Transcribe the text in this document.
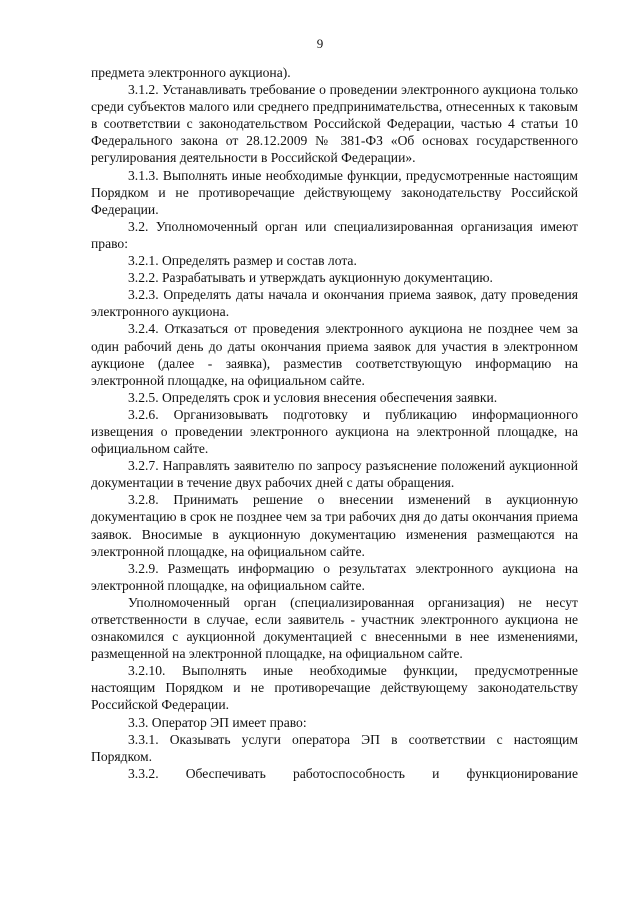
9

предмета электронного аукциона).

3.1.2. Устанавливать требование о проведении электронного аукциона только среди субъектов малого или среднего предпринимательства, отнесенных к таковым в соответствии с законодательством Российской Федерации, частью 4 статьи 10 Федерального закона от 28.12.2009 № 381-ФЗ «Об основах государственного регулирования деятельности в Российской Федерации».

3.1.3. Выполнять иные необходимые функции, предусмотренные настоящим Порядком и не противоречащие действующему законодательству Российской Федерации.

3.2. Уполномоченный орган или специализированная организация имеют право:

3.2.1. Определять размер и состав лота.

3.2.2. Разрабатывать и утверждать аукционную документацию.

3.2.3. Определять даты начала и окончания приема заявок, дату проведения электронного аукциона.

3.2.4. Отказаться от проведения электронного аукциона не позднее чем за один рабочий день до даты окончания приема заявок для участия в электронном аукционе (далее - заявка), разместив соответствующую информацию на электронной площадке, на официальном сайте.

3.2.5. Определять срок и условия внесения обеспечения заявки.

3.2.6. Организовывать подготовку и публикацию информационного извещения о проведении электронного аукциона на электронной площадке, на официальном сайте.

3.2.7. Направлять заявителю по запросу разъяснение положений аукционной документации в течение двух рабочих дней с даты обращения.

3.2.8. Принимать решение о внесении изменений в аукционную документацию в срок не позднее чем за три рабочих дня до даты окончания приема заявок. Вносимые в аукционную документацию изменения размещаются на электронной площадке, на официальном сайте.

3.2.9. Размещать информацию о результатах электронного аукциона на электронной площадке, на официальном сайте.

Уполномоченный орган (специализированная организация) не несут ответственности в случае, если заявитель - участник электронного аукциона не ознакомился с аукционной документацией с внесенными в нее изменениями, размещенной на электронной площадке, на официальном сайте.

3.2.10. Выполнять иные необходимые функции, предусмотренные настоящим Порядком и не противоречащие действующему законодательству Российской Федерации.

3.3. Оператор ЭП имеет право:

3.3.1. Оказывать услуги оператора ЭП в соответствии с настоящим Порядком.

3.3.2. Обеспечивать работоспособность и функционирование
